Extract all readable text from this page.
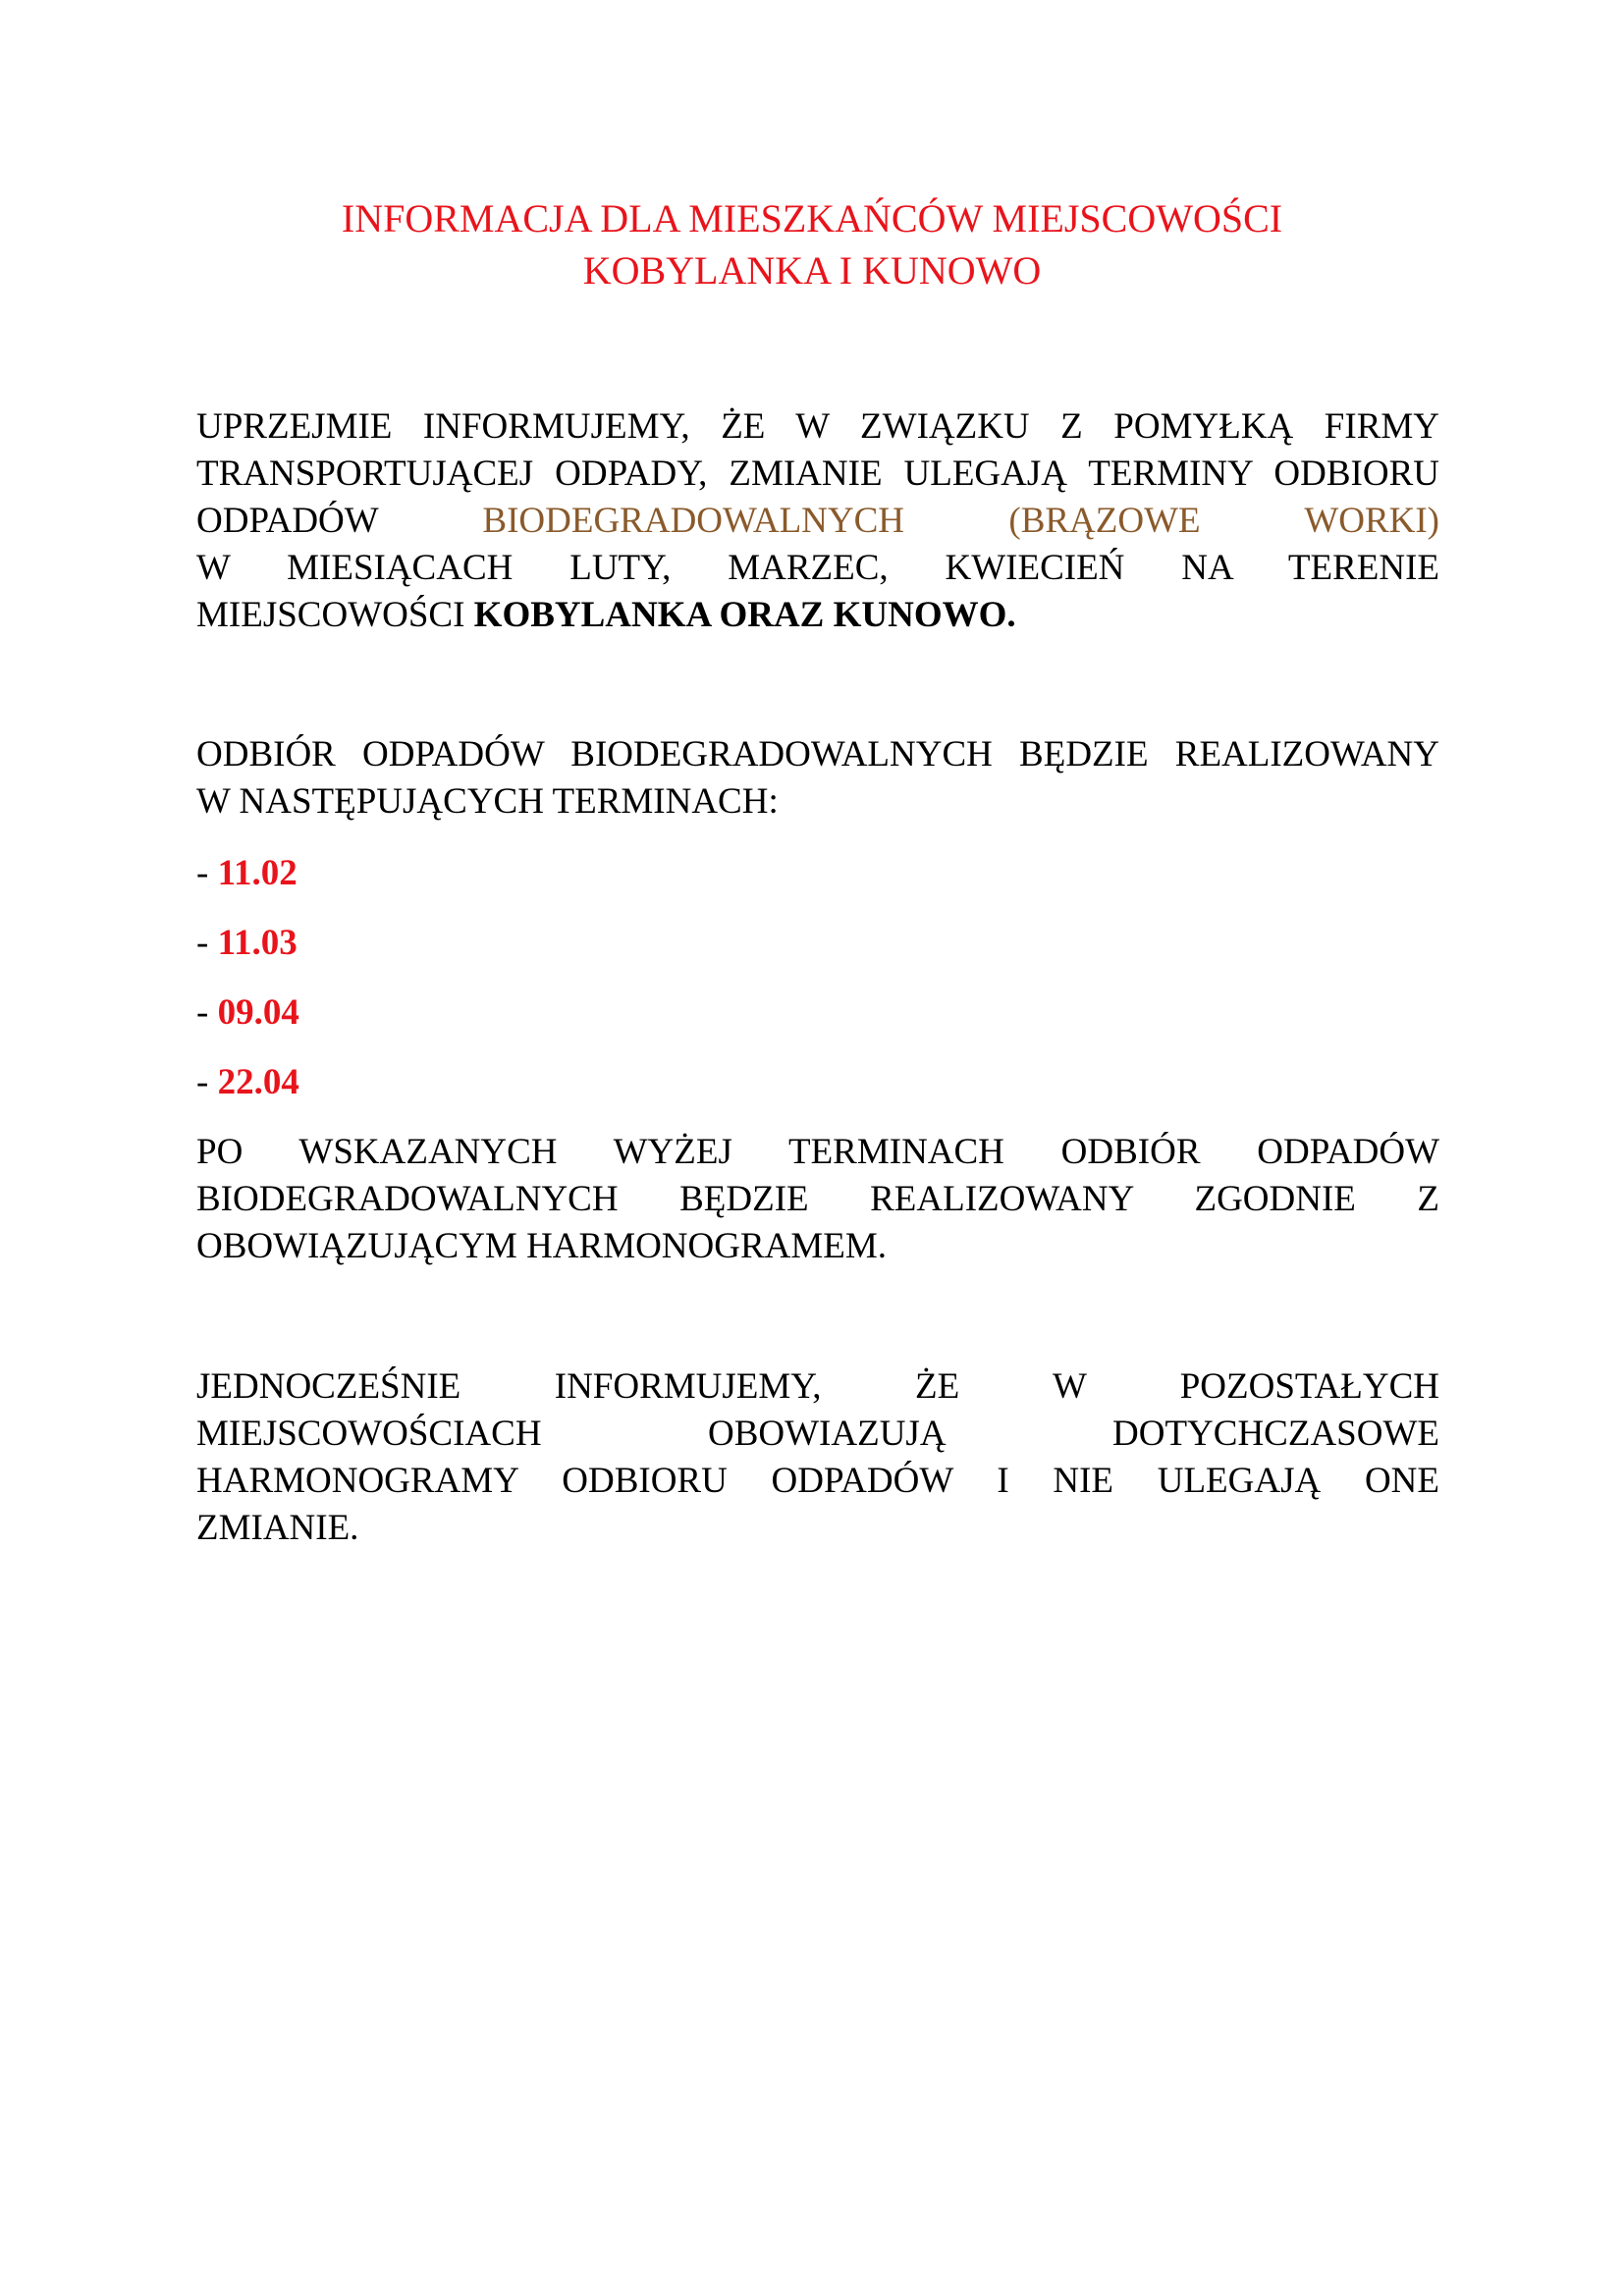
INFORMACJA DLA MIESZKAŃCÓW MIEJSCOWOŚCI
KOBYLANKA I KUNOWO
UPRZEJMIE INFORMUJEMY, ŻE W ZWIĄZKU Z POMYŁKĄ FIRMY
TRANSPORTUJĄCEJ ODPADY, ZMIANIE ULEGAJĄ TERMINY ODBIORU
ODPADÓW	BIODEGRADOWALNYCH (BRĄZOWE WORKI)
W MIESIĄCACH LUTY, MARZEC, KWIECIEŃ NA TERENIE
MIEJSCOWOŚCI KOBYLANKA ORAZ KUNOWO.
ODBIÓR ODPADÓW BIODEGRADOWALNYCH BĘDZIE REALIZOWANY
W NASTĘPUJĄCYCH TERMINACH:

- 11.02

- 11.03

- 09.04

- 22.04

PO WSKAZANYCH WYŻEJ TERMINACH ODBIÓR ODPADÓW
BIODEGRADOWALNYCH BĘDZIE REALIZOWANY ZGODNIE Z
OBOWIĄZUJĄCYM HARMONOGRAMEM.
JEDNOCZEŚNIE INFORMUJEMY, ŻE W POZOSTAŁYCH
MIEJSCOWOŚCIACH OBOWIAZUJĄ DOTYCHCZASOWE
HARMONOGRAMY ODBIORU ODPADÓW I NIE ULEGAJĄ ONE
ZMIANIE.
